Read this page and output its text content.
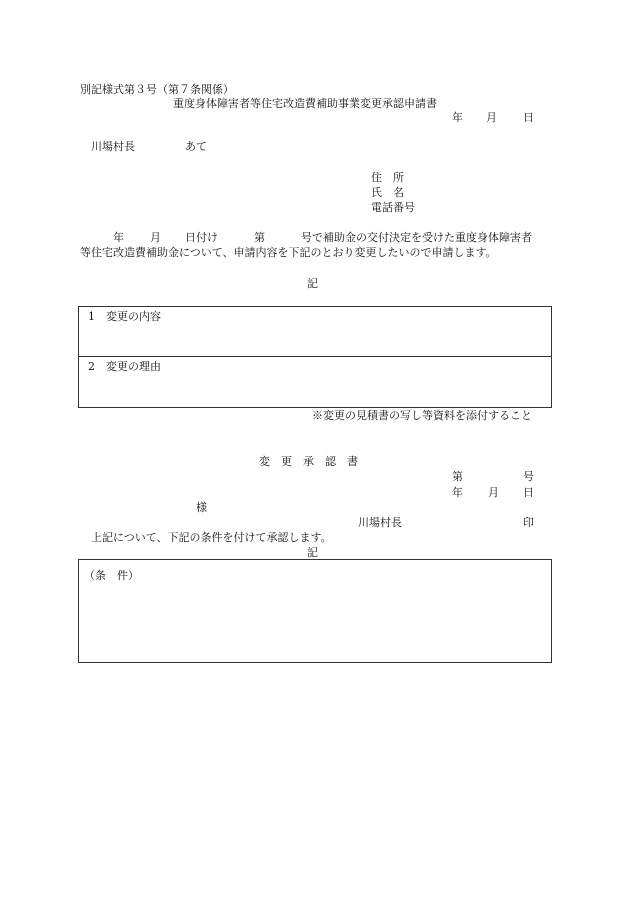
別記様式第３号（第７条関係）
重度身体障害者等住宅改造費補助事業変更承認申請書
年 月 日
川場村長	あて
住　所
氏　名
電話番号
年 月 日付け	第	号で補助金の交付決定を受けた重度身体障害者
等住宅改造費補助金について、申請内容を下記のとおり変更したいので申請します。
記
1　変更の内容
2　変更の理由
※変更の見積書の写し等資料を添付すること
変　更　承　認　書
第	号
年 月 日
様
川場村長	印
上記について、下記の条件を付けて承認します。
記
（条　件）
